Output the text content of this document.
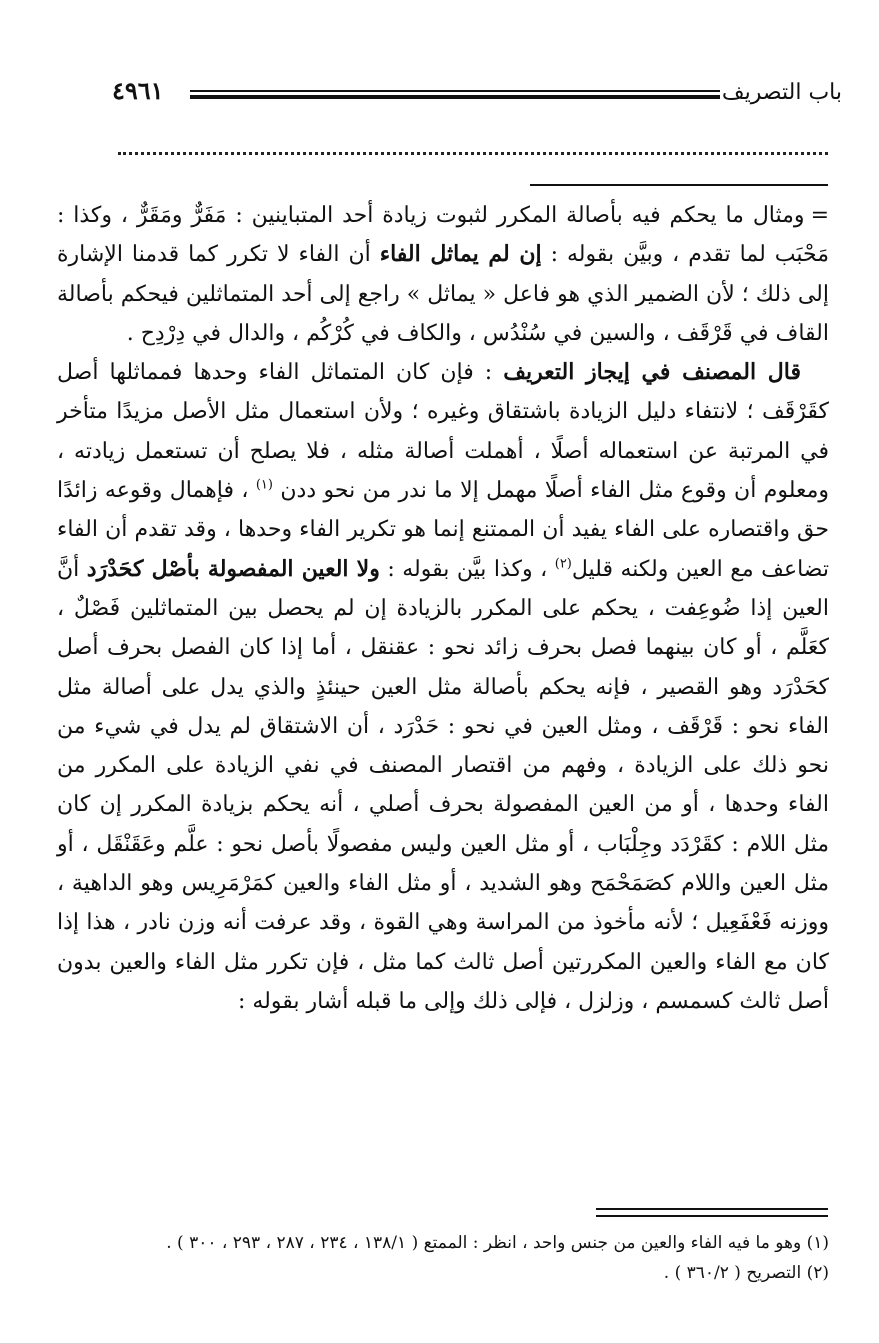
باب التصريف
٤٩٦١

=ومثال ما يحكم فيه بأصالة المكرر لثبوت زيادة أحد المتباينين : مَفَرٌّ ومَقَرٌّ ، وكذا : مَحْبَب لما تقدم ، وبيَّن بقوله : إن لم يماثل الفاء أن الفاء لا تكرر كما قدمنا الإشارة إلى ذلك ؛ لأن الضمير الذي هو فاعل « يماثل » راجع إلى أحد المتماثلين فيحكم بأصالة القاف في قَرْقَف ، والسين في سُنْدُس ، والكاف في كُرْكُم ، والدال في دِرْدِح .

قال المصنف في إيجاز التعريف : فإن كان المتماثل الفاء وحدها فمماثلها أصل كقَرْقَف ؛ لانتفاء دليل الزيادة باشتقاق وغيره ؛ ولأن استعمال مثل الأصل مزيدًا متأخر في المرتبة عن استعماله أصلًا ، أهملت أصالة مثله ، فلا يصلح أن تستعمل زيادته ، ومعلوم أن وقوع مثل الفاء أصلًا مهمل إلا ما ندر من نحو ددن $^{(١)}$ ، فإهمال وقوعه زائدًا حق واقتصاره على الفاء يفيد أن الممتنع إنما هو تكرير الفاء وحدها ، وقد تقدم أن الفاء تضاعف مع العين ولكنه قليل$^{(٢)}$ ، وكذا بيَّن بقوله : ولا العين المفصولة بأصْل كحَدْرَد أنَّ العين إذا ضُوعِفت ، يحكم على المكرر بالزيادة إن لم يحصل بين المتماثلين فَصْلٌ ، كعَلَّم ، أو كان بينهما فصل بحرف زائد نحو : عقنقل ، أما إذا كان الفصل بحرف أصل كحَدْرَد وهو القصير ، فإنه يحكم بأصالة مثل العين حينئذٍ والذي يدل على أصالة مثل الفاء نحو : قَرْقَف ، ومثل العين في نحو : حَدْرَد ، أن الاشتقاق لم يدل في شيء من نحو ذلك على الزيادة ، وفهم من اقتصار المصنف في نفي الزيادة على المكرر من الفاء وحدها ، أو من العين المفصولة بحرف أصلي ، أنه يحكم بزيادة المكرر إن كان مثل اللام : كقَرْدَد وجِلْبَاب ، أو مثل العين وليس مفصولًا بأصل نحو : علَّم وعَقَنْقَل ، أو مثل العين واللام كصَمَحْمَح وهو الشديد ، أو مثل الفاء والعين كمَرْمَرِيس وهو الداهية ، ووزنه فَعْفَعِيل ؛ لأنه مأخوذ من المراسة وهي القوة ، وقد عرفت أنه وزن نادر ، هذا إذا كان مع الفاء والعين المكررتين أصل ثالث كما مثل ، فإن تكرر مثل الفاء والعين بدون أصل ثالث كسمسم ، وزلزل ، فإلى ذلك وإلى ما قبله أشار بقوله :

(١) وهو ما فيه الفاء والعين من جنس واحد ، انظر : الممتع ( ١٣٨/١ ، ٢٣٤ ، ٢٨٧ ، ٢٩٣ ، ٣٠٠ ) .

(٢) التصريح ( ٣٦٠/٢ ) .
